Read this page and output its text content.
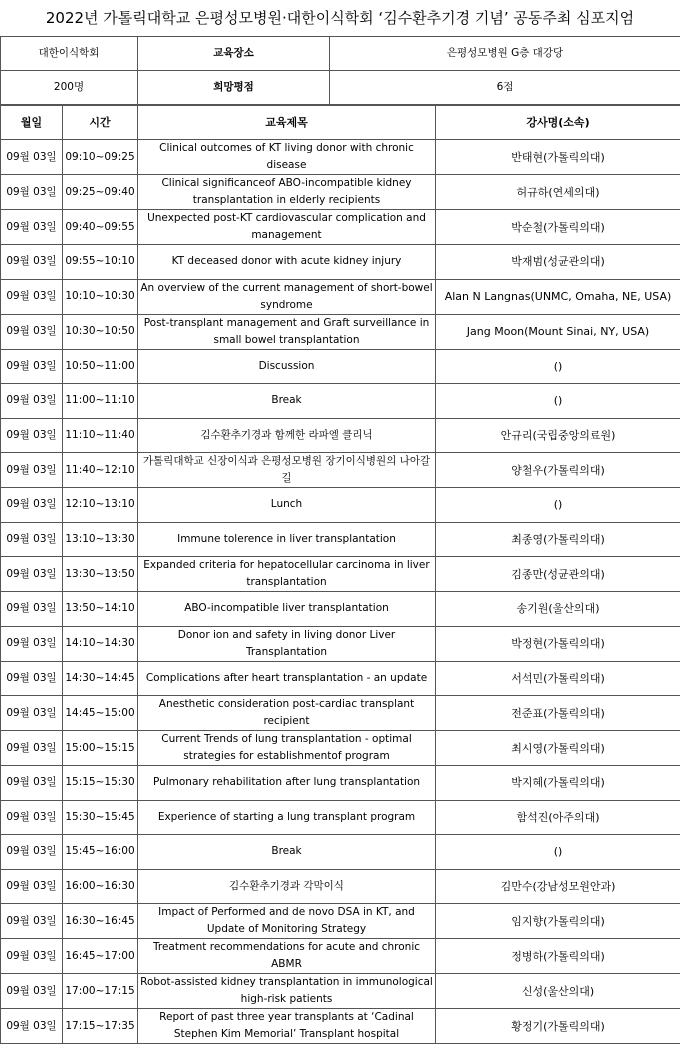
2022년 가톨릭대학교 은평성모병원·대한이식학회 ‘김수환추기경 기념’ 공동주최 심포지엄
대한이식학회	교육장소	은평성모병원 G층 대강당
200명	희망평점	6점
월일	시간	교육제목	강사명(소속)
09월 03일	09:10~09:25	Clinical outcomes of KT living donor with chronic disease	반태현(가톨릭의대)
09월 03일	09:25~09:40	Clinical significanceof ABO-incompatible kidney transplantation in elderly recipients	허규하(연세의대)
09월 03일	09:40~09:55	Unexpected post-KT cardiovascular complication and management	박순철(가톨릭의대)
09월 03일	09:55~10:10	KT deceased donor with acute kidney injury	박재범(성균관의대)
09월 03일	10:10~10:30	An overview of the current management of short-bowel syndrome	Alan N Langnas(UNMC, Omaha, NE, USA)
09월 03일	10:30~10:50	Post-transplant management and Graft surveillance in small bowel transplantation	Jang Moon(Mount Sinai, NY, USA)
09월 03일	10:50~11:00	Discussion	()
09월 03일	11:00~11:10	Break	()
09월 03일	11:10~11:40	김수환추기경과 함께한 라파엘 클리닉	안규리(국립중앙의료원)
09월 03일	11:40~12:10	가톨릭대학교 신장이식과 은평성모병원 장기이식병원의 나아갈 길	양철우(가톨릭의대)
09월 03일	12:10~13:10	Lunch	()
09월 03일	13:10~13:30	Immune tolerence in liver transplantation	최종영(가톨릭의대)
09월 03일	13:30~13:50	Expanded criteria for hepatocellular carcinoma in liver transplantation	김종만(성균관의대)
09월 03일	13:50~14:10	ABO-incompatible liver transplantation	송기원(울산의대)
09월 03일	14:10~14:30	Donor ion and safety in living donor Liver Transplantation	박정현(가톨릭의대)
09월 03일	14:30~14:45	Complications after heart transplantation - an update	서석민(가톨릭의대)
09월 03일	14:45~15:00	Anesthetic consideration post-cardiac transplant recipient	전준표(가톨릭의대)
09월 03일	15:00~15:15	Current Trends of lung transplantation - optimal strategies for establishmentof program	최시영(가톨릭의대)
09월 03일	15:15~15:30	Pulmonary rehabilitation after lung transplantation	박지혜(가톨릭의대)
09월 03일	15:30~15:45	Experience of starting a lung transplant program	함석진(아주의대)
09월 03일	15:45~16:00	Break	()
09월 03일	16:00~16:30	김수환추기경과 각막이식	김만수(강남성모원안과)
09월 03일	16:30~16:45	Impact of Performed and de novo DSA in KT, and Update of Monitoring Strategy	임지향(가톨릭의대)
09월 03일	16:45~17:00	Treatment recommendations for acute and chronic ABMR	정병하(가톨릭의대)
09월 03일	17:00~17:15	Robot-assisted kidney transplantation in immunological high-risk patients	신성(울산의대)
09월 03일	17:15~17:35	Report of past three year transplants at ‘Cadinal Stephen Kim Memorial’ Transplant hospital	황정기(가톨릭의대)
